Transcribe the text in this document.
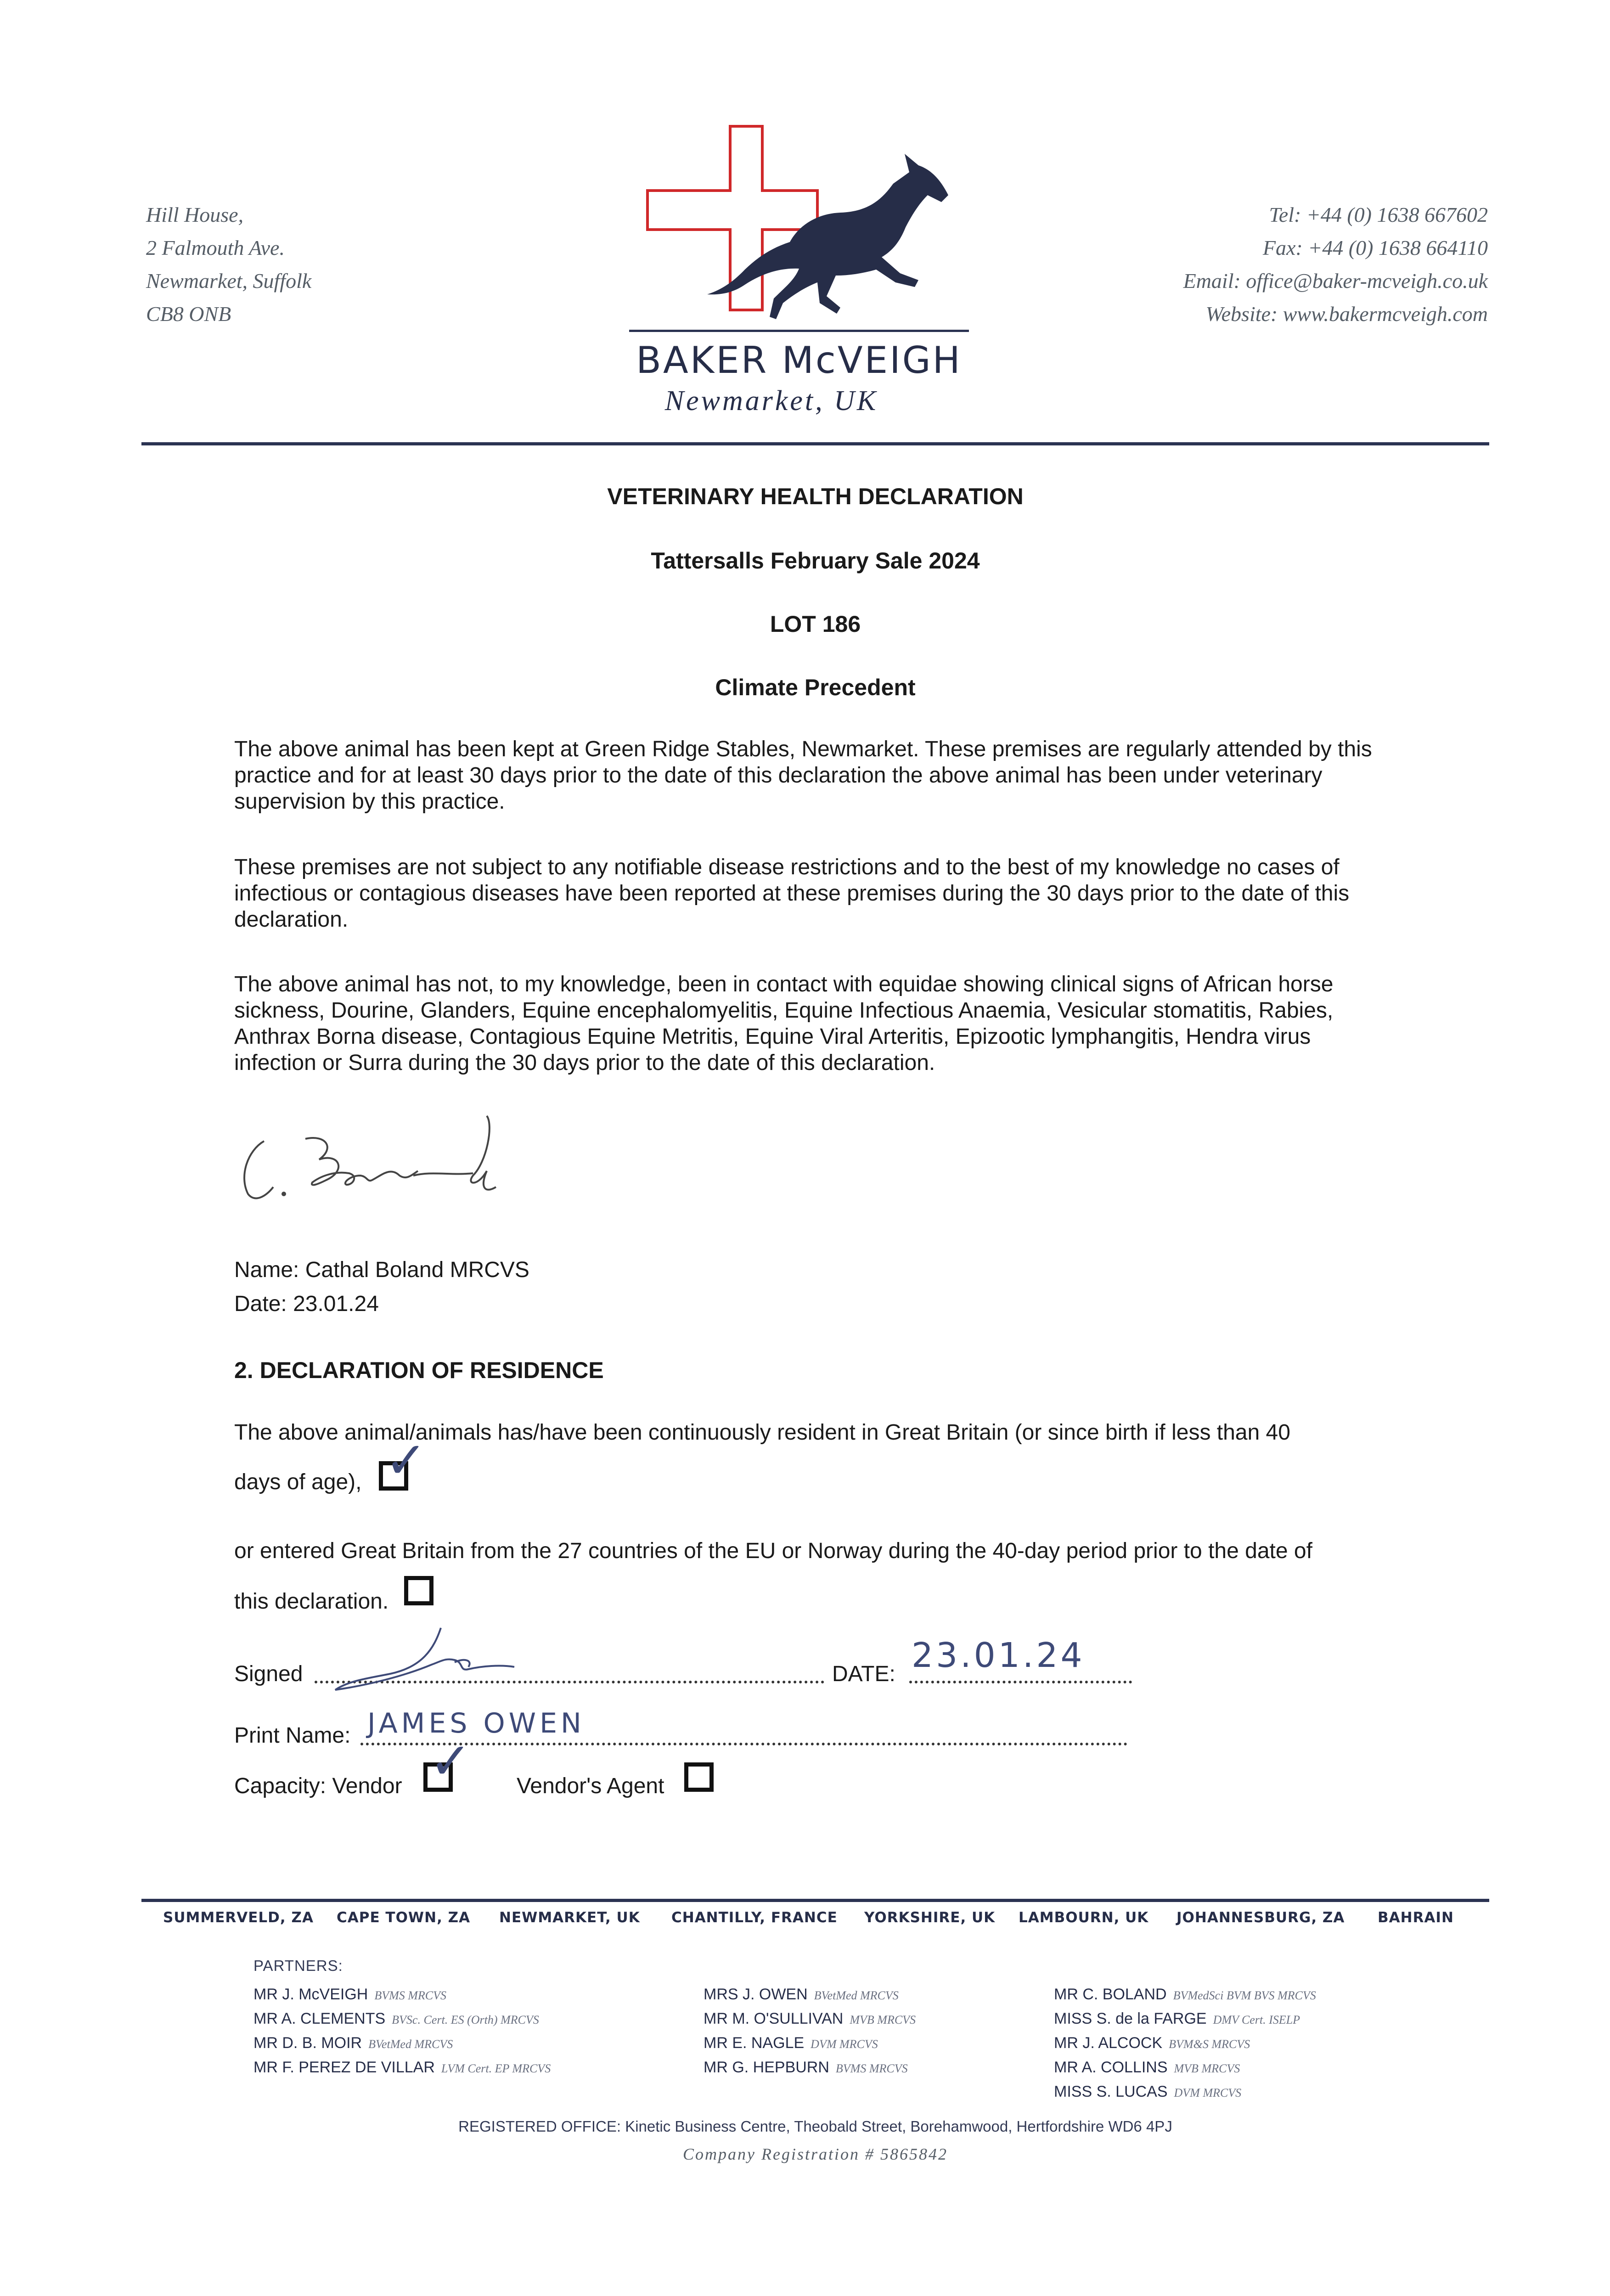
Hill House,
2 Falmouth Ave.
Newmarket, Suffolk
CB8 ONB
BAKER McVEIGH
Newmarket, UK
Tel: +44 (0) 1638 667602
Fax: +44 (0) 1638 664110
Email: office@baker-mcveigh.co.uk
Website: www.bakermcveigh.com
VETERINARY HEALTH DECLARATION
Tattersalls February Sale 2024
LOT 186
Climate Precedent
The above animal has been kept at Green Ridge Stables, Newmarket. These premises are regularly attended by this practice and for at least 30 days prior to the date of this declaration the above animal has been under veterinary supervision by this practice.
These premises are not subject to any notifiable disease restrictions and to the best of my knowledge no cases of infectious or contagious diseases have been reported at these premises during the 30 days prior to the date of this declaration.
The above animal has not, to my knowledge, been in contact with equidae showing clinical signs of African horse sickness, Dourine, Glanders, Equine encephalomyelitis, Equine Infectious Anaemia, Vesicular stomatitis, Rabies, Anthrax Borna disease, Contagious Equine Metritis, Equine Viral Arteritis, Epizootic lymphangitis, Hendra virus infection or Surra during the 30 days prior to the date of this declaration.
Name: Cathal Boland MRCVS
Date: 23.01.24
2. DECLARATION OF RESIDENCE
The above animal/animals has/have been continuously resident in Great Britain (or since birth if less than 40
days of age), ✓
or entered Great Britain from the 27 countries of the EU or Norway during the 40-day period prior to the date of
this declaration.
Signed	DATE: 23.01.24
Print Name: JAMES OWEN
Capacity: Vendor ✓ Vendor's Agent
SUMMERVELD, ZA CAPE TOWN, ZA NEWMARKET, UK CHANTILLY, FRANCE YORKSHIRE, UK LAMBOURN, UK JOHANNESBURG, ZA BAHRAIN
PARTNERS:
MR J. McVEIGH BVMS MRCVS
MR A. CLEMENTS BVSc. Cert. ES (Orth) MRCVS
MR D. B. MOIR BVetMed MRCVS
MR F. PEREZ DE VILLAR LVM Cert. EP MRCVS
MRS J. OWEN BVetMed MRCVS
MR M. O'SULLIVAN MVB MRCVS
MR E. NAGLE DVM MRCVS
MR G. HEPBURN BVMS MRCVS
MR C. BOLAND BVMedSci BVM BVS MRCVS
MISS S. de la FARGE DMV Cert. ISELP
MR J. ALCOCK BVM&S MRCVS
MR A. COLLINS MVB MRCVS
MISS S. LUCAS DVM MRCVS
REGISTERED OFFICE: Kinetic Business Centre, Theobald Street, Borehamwood, Hertfordshire WD6 4PJ
Company Registration # 5865842
